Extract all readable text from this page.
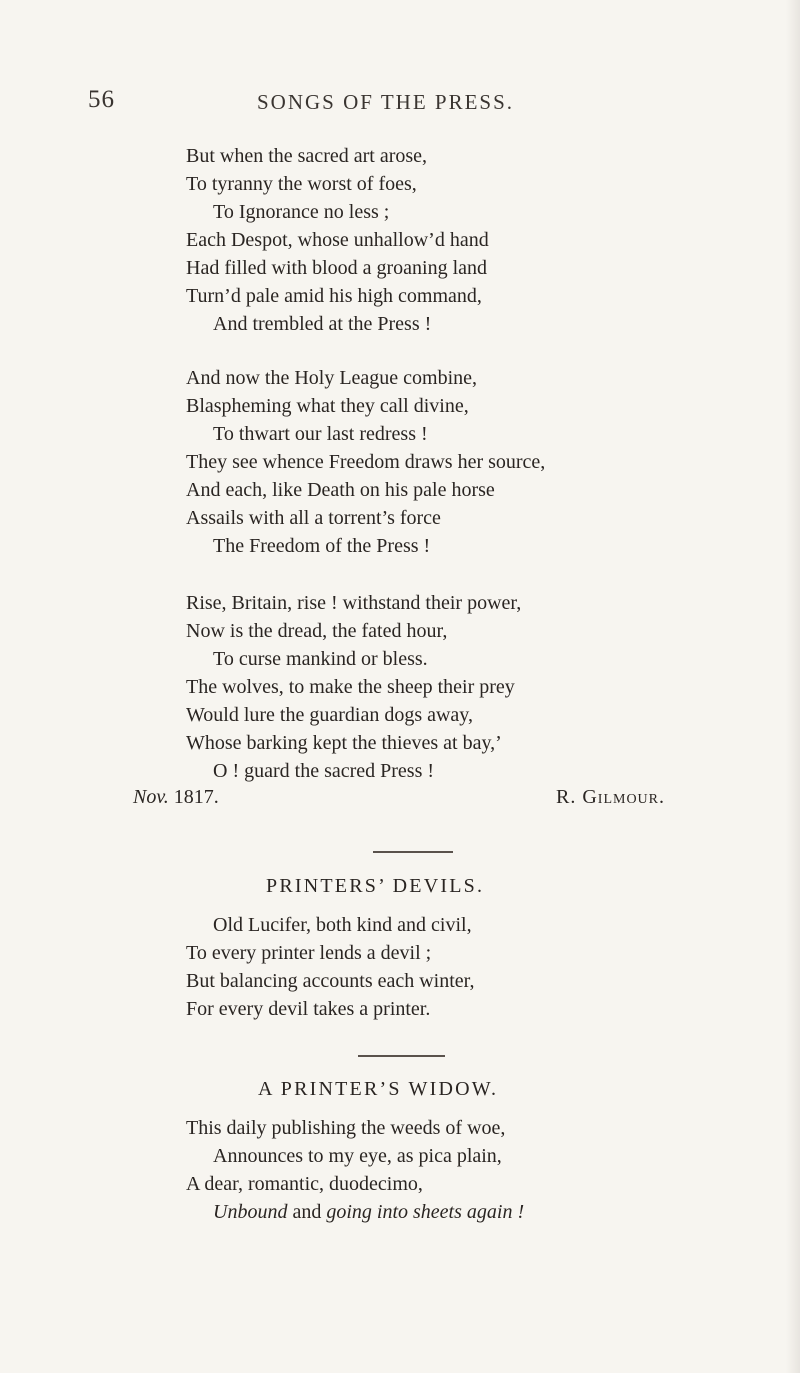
56	SONGS OF THE PRESS.
But when the sacred art arose,
To tyranny the worst of foes,
To Ignorance no less ;
Each Despot, whose unhallow’d hand
Had filled with blood a groaning land
Turn’d pale amid his high command,
And trembled at the Press !
And now the Holy League combine,
Blaspheming what they call divine,
To thwart our last redress !
They see whence Freedom draws her source,
And each, like Death on his pale horse
Assails with all a torrent’s force
The Freedom of the Press !
Rise, Britain, rise ! withstand their power,
Now is the dread, the fated hour,
To curse mankind or bless.
The wolves, to make the sheep their prey
Would lure the guardian dogs away,
Whose barking kept the thieves at bay,’
O ! guard the sacred Press !
Nov. 1817.	R. Gilmour.
PRINTERS’ DEVILS.
Old Lucifer, both kind and civil,
To every printer lends a devil ;
But balancing accounts each winter,
For every devil takes a printer.
A PRINTER’S WIDOW.
This daily publishing the weeds of woe,
Announces to my eye, as pica plain,
A dear, romantic, duodecimo,
Unbound and going into sheets again !
